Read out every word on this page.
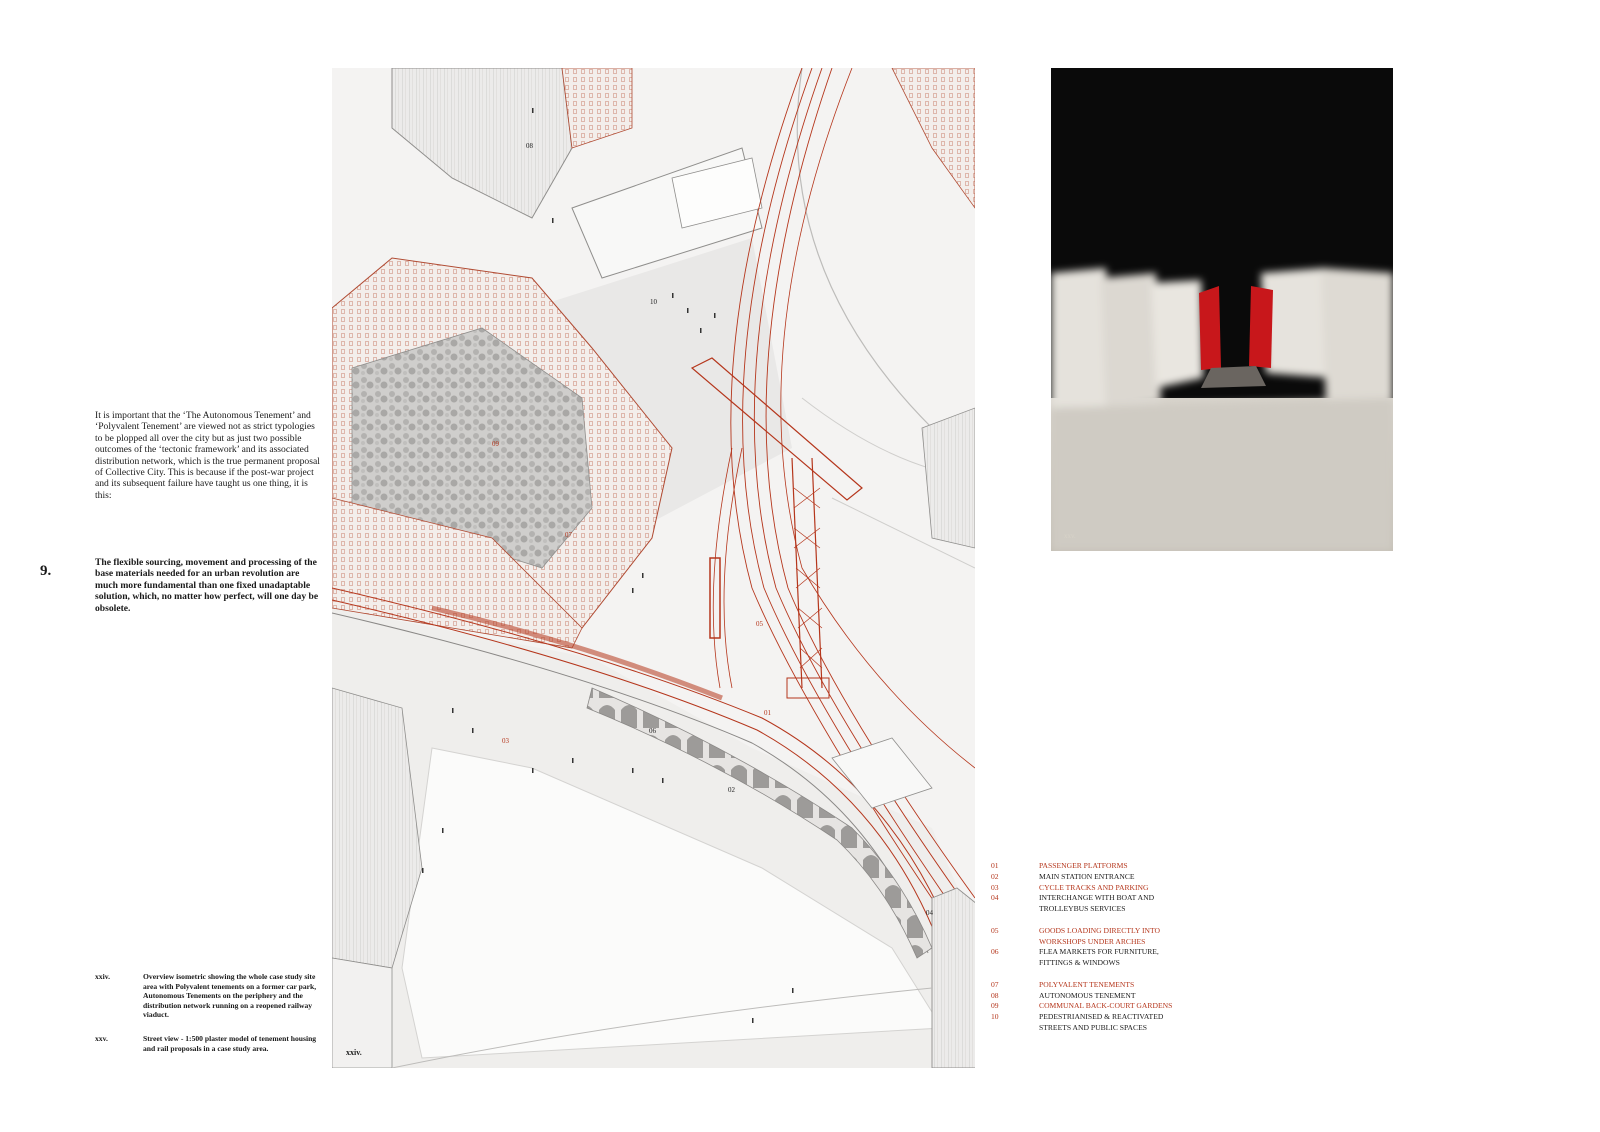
It is important that the ‘The Autonomous Tenement’ and ‘Polyvalent Tenement’ are viewed not as strict typologies to be plopped all over the city but as just two possible outcomes of the ‘tectonic framework’ and its associated distribution network, which is the true permanent proposal of Collective City. This is because if the post-war project and its subsequent failure have taught us one thing, it is this:

9.

The flexible sourcing, movement and processing of the base materials needed for an urban revolution are much more fundamental than one fixed unadaptable solution, which, no matter how perfect, will one day be obsolete.

xxiv.	Overview isometric showing the whole case study site area with Polyvalent tenements on a former car park, Autonomous Tenements on the periphery and the distribution network running on a reopened railway viaduct.
xxv.	Street view - 1:500 plaster model of tenement housing and rail proposals in a case study area.
08
10
09
07
05
01
06
03
02
04
xxiv.
xxv.
01	PASSENGER PLATFORMS
02	MAIN STATION ENTRANCE
03	CYCLE TRACKS AND PARKING
04	INTERCHANGE WITH BOAT AND
TROLLEYBUS SERVICES
05	GOODS LOADING DIRECTLY INTO
WORKSHOPS UNDER ARCHES
06	FLEA MARKETS FOR FURNITURE,
FITTINGS & WINDOWS
07	POLYVALENT TENEMENTS
08	AUTONOMOUS TENEMENT
09	COMMUNAL BACK-COURT GARDENS
10	PEDESTRIANISED & REACTIVATED
STREETS AND PUBLIC SPACES
